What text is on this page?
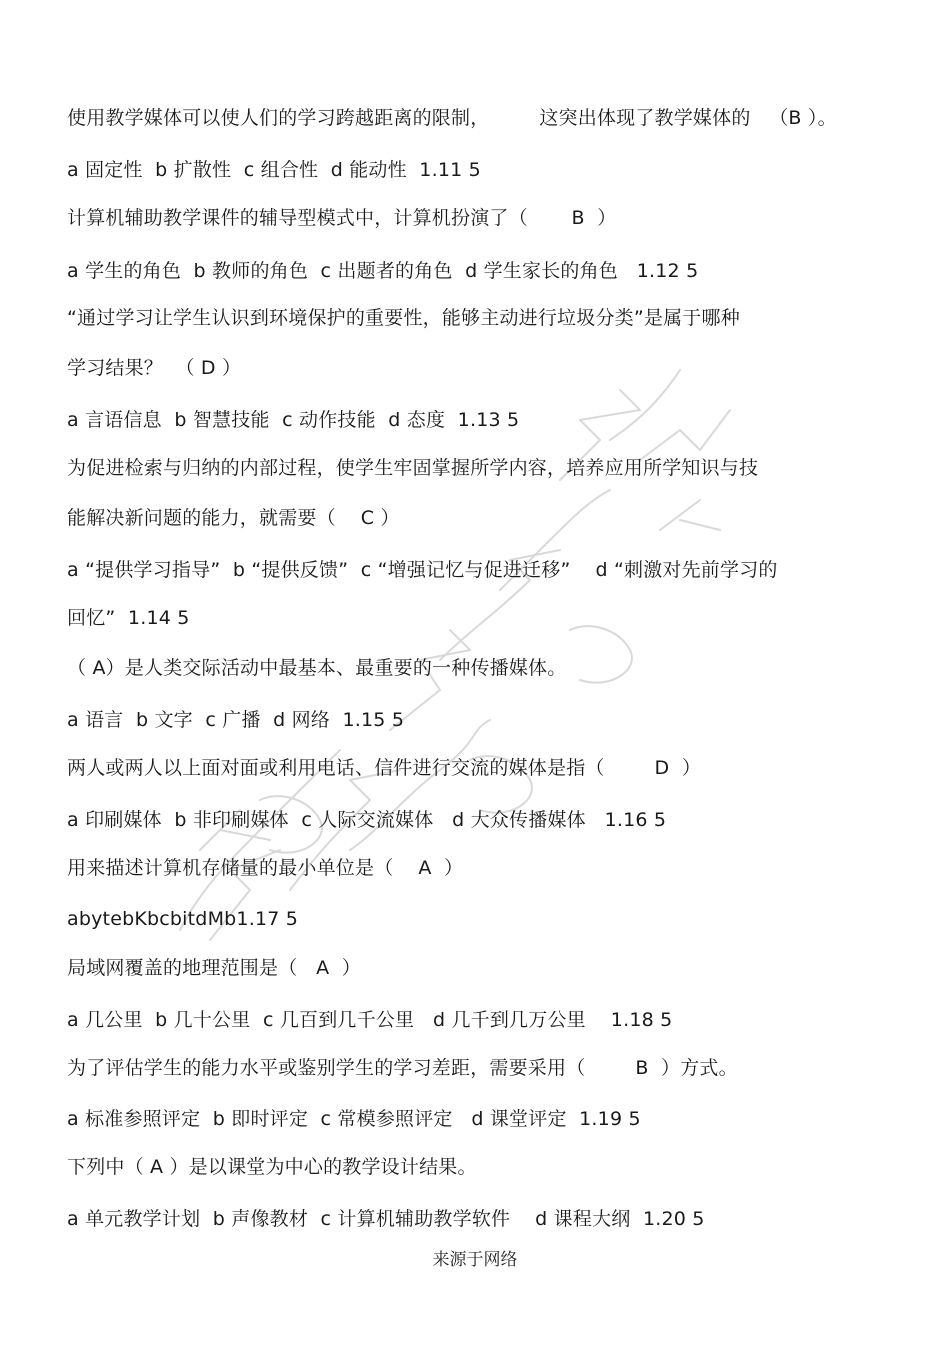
使用教学媒体可以使人们的学习跨越距离的限制，        这突出体现了教学媒体的   （B ）。
a 固定性  b 扩散性  c 组合性  d 能动性  1.11 5
计算机辅助教学课件的辅导型模式中，计算机扮演了（       B  ）
a 学生的角色  b 教师的角色  c 出题者的角色  d 学生家长的角色   1.12 5
“通过学习让学生认识到环境保护的重要性，能够主动进行垃圾分类”是属于哪种
学习结果？  （ D ）
a 言语信息  b 智慧技能  c 动作技能  d 态度  1.13 5
为促进检索与归纳的内部过程，使学生牢固掌握所学内容，培养应用所学知识与技
能解决新问题的能力，就需要（    C ）
a “提供学习指导”  b “提供反馈”  c “增强记忆与促进迁移”    d “刺激对先前学习的
回忆”  1.14 5
（ A）是人类交际活动中最基本、最重要的一种传播媒体。
a 语言  b 文字  c 广播  d 网络  1.15 5
两人或两人以上面对面或利用电话、信件进行交流的媒体是指（        D  ）
a 印刷媒体  b 非印刷媒体  c 人际交流媒体   d 大众传播媒体   1.16 5
用来描述计算机存储量的最小单位是（    A  ）
abytebKbcbitdMb1.17 5
局域网覆盖的地理范围是（   A  ）
a 几公里  b 几十公里  c 几百到几千公里   d 几千到几万公里    1.18 5
为了评估学生的能力水平或鉴别学生的学习差距，需要采用（        B  ）方式。
a 标准参照评定  b 即时评定  c 常模参照评定   d 课堂评定  1.19 5
下列中（ A ）是以课堂为中心的教学设计结果。
a 单元教学计划  b 声像教材  c 计算机辅助教学软件    d 课程大纲  1.20 5
来源于网络
